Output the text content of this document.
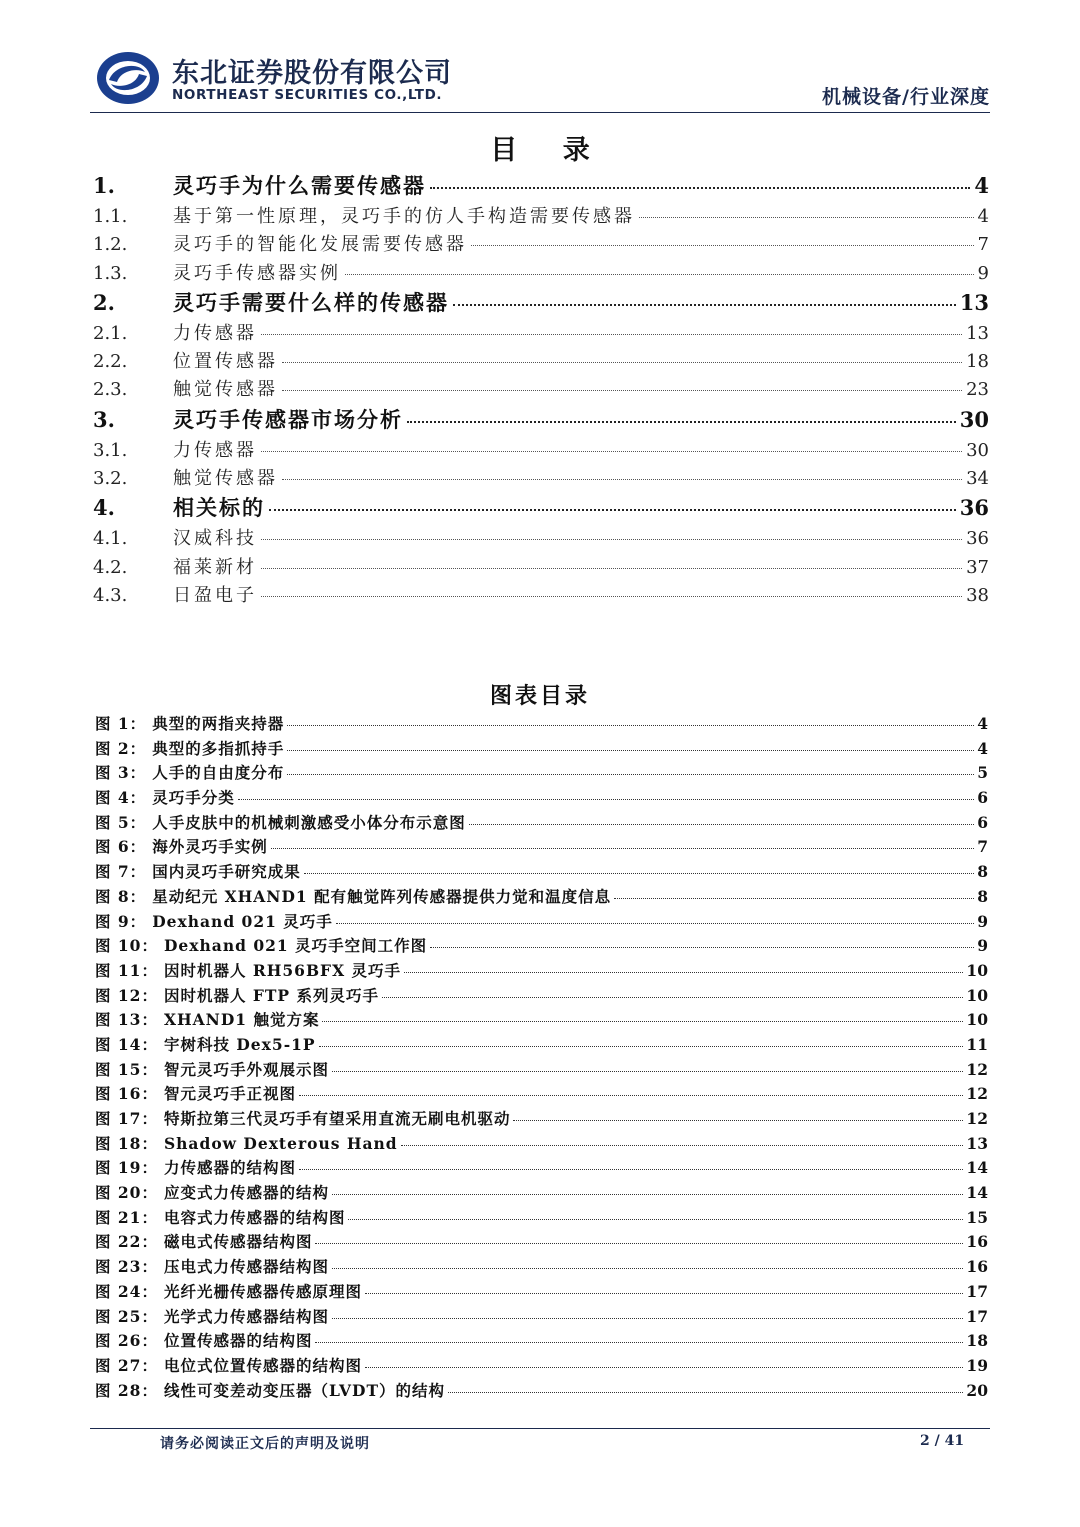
东北证券股份有限公司
NORTHEAST SECURITIES CO.,LTD.	机械设备/行业深度
目 录
1.	灵巧手为什么需要传感器	4
1.1.	基于第一性原理，灵巧手的仿人手构造需要传感器	4
1.2.	灵巧手的智能化发展需要传感器	7
1.3.	灵巧手传感器实例	9
2.	灵巧手需要什么样的传感器	13
2.1.	力传感器	13
2.2.	位置传感器	18
2.3.	触觉传感器	23
3.	灵巧手传感器市场分析	30
3.1.	力传感器	30
3.2.	触觉传感器	34
4.	相关标的	36
4.1.	汉威科技	36
4.2.	福莱新材	37
4.3.	日盈电子	38
图表目录
图 1： 典型的两指夹持器	4
图 2： 典型的多指抓持手	4
图 3： 人手的自由度分布	5
图 4： 灵巧手分类	6
图 5： 人手皮肤中的机械刺激感受小体分布示意图	6
图 6： 海外灵巧手实例	7
图 7： 国内灵巧手研究成果	8
图 8： 星动纪元 XHAND1 配有触觉阵列传感器提供力觉和温度信息	8
图 9： Dexhand 021 灵巧手	9
图 10： Dexhand 021 灵巧手空间工作图	9
图 11： 因时机器人 RH56BFX 灵巧手	10
图 12： 因时机器人 FTP 系列灵巧手	10
图 13： XHAND1 触觉方案	10
图 14： 宇树科技 Dex5-1P	11
图 15： 智元灵巧手外观展示图	12
图 16： 智元灵巧手正视图	12
图 17： 特斯拉第三代灵巧手有望采用直流无刷电机驱动	12
图 18： Shadow Dexterous Hand	13
图 19： 力传感器的结构图	14
图 20： 应变式力传感器的结构	14
图 21： 电容式力传感器的结构图	15
图 22： 磁电式传感器结构图	16
图 23： 压电式力传感器结构图	16
图 24： 光纤光栅传感器传感原理图	17
图 25： 光学式力传感器结构图	17
图 26： 位置传感器的结构图	18
图 27： 电位式位置传感器的结构图	19
图 28： 线性可变差动变压器（LVDT）的结构	20
请务必阅读正文后的声明及说明	2 / 41
